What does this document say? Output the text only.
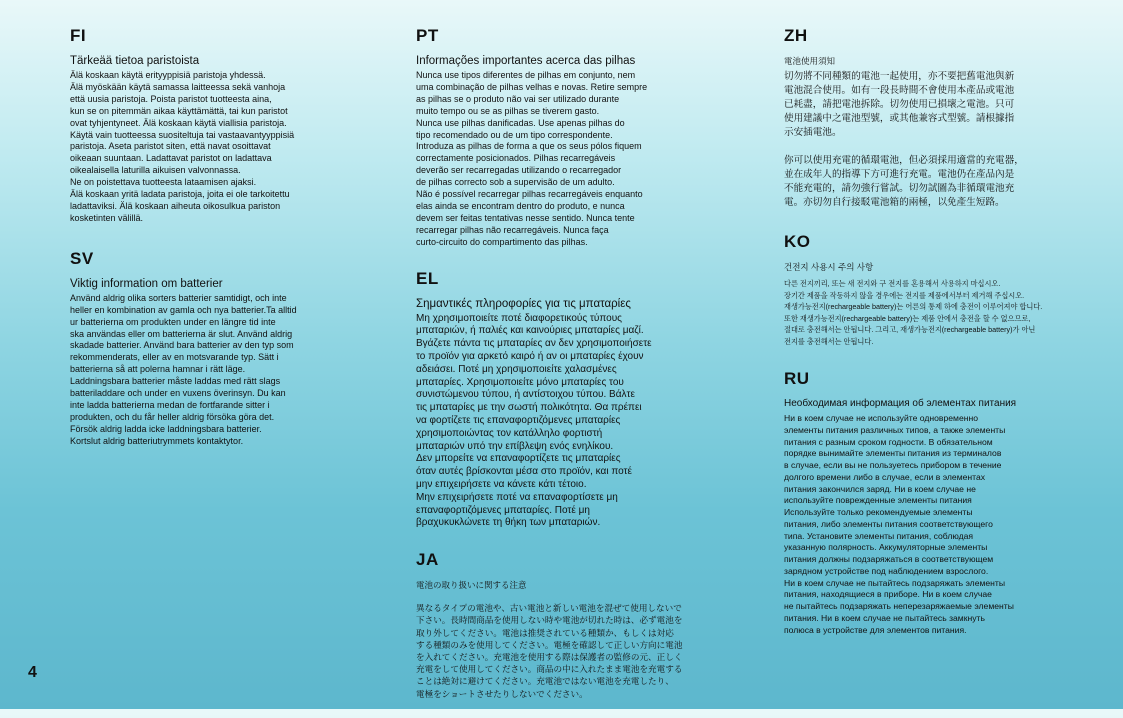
FI
Tärkeää tietoa paristoista

Älä koskaan käytä erityyppisiä paristoja yhdessä.
Älä myöskään käytä samassa laitteessa sekä vanhoja
että uusia paristoja. Poista paristot tuotteesta aina,
kun se on pitemmän aikaa käyttämättä, tai kun paristot
ovat tyhjentyneet. Älä koskaan käytä viallisia paristoja.
Käytä vain tuotteessa suositeltuja tai vastaavantyyppisiä
paristoja. Aseta paristot siten, että navat osoittavat
oikeaan suuntaan. Ladattavat paristot on ladattava
oikealaisella laturilla aikuisen valvonnassa.
Ne on poistettava tuotteesta lataamisen ajaksi.
Älä koskaan yritä ladata paristoja, joita ei ole tarkoitettu
ladattaviksi. Älä koskaan aiheuta oikosulkua pariston
kosketinten välillä.

SV
Viktig information om batterier

Använd aldrig olika sorters batterier samtidigt, och inte
heller en kombination av gamla och nya batterier.Ta alltid
ur batterierna om produkten under en längre tid inte
ska användas eller om batterierna är slut. Använd aldrig
skadade batterier. Använd bara batterier av den typ som
rekommenderats, eller av en motsvarande typ. Sätt i
batterierna så att polerna hamnar i rätt läge.
Laddningsbara batterier måste laddas med rätt slags
batteriladdare och under en vuxens överinsyn. Du kan
inte ladda batterierna medan de fortfarande sitter i
produkten, och du får heller aldrig försöka göra det.
Försök aldrig ladda icke laddningsbara batterier.
Kortslut aldrig batteriutrymmets kontaktytor.

PT
Informações importantes acerca das pilhas

Nunca use tipos diferentes de pilhas em conjunto, nem
uma combinação de pilhas velhas e novas. Retire sempre
as pilhas se o produto não vai ser utilizado durante
muito tempo ou se as pilhas se tiverem gasto.
Nunca use pilhas danificadas. Use apenas pilhas do
tipo recomendado ou de um tipo correspondente.
Introduza as pilhas de forma a que os seus pólos fiquem
correctamente posicionados. Pilhas recarregáveis
deverão ser recarregadas utilizando o recarregador
de pilhas correcto sob a supervisão de um adulto.
Não é possível recarregar pilhas recarregáveis enquanto
elas ainda se encontram dentro do produto, e nunca
devem ser feitas tentativas nesse sentido. Nunca tente
recarregar pilhas não recarregáveis. Nunca faça
curto-circuito do compartimento das pilhas.

EL
Σημαντικές πληροφορίες για τις μπαταρίες

Μη χρησιμοποιείτε ποτέ διαφορετικούς τύπους
μπαταριών, ή παλιές και καινούριες μπαταρίες μαζί.
Βγάζετε πάντα τις μπαταρίες αν δεν χρησιμοποιήσετε
το προϊόν για αρκετό καιρό ή αν οι μπαταρίες έχουν
αδειάσει. Ποτέ μη χρησιμοποιείτε χαλασμένες
μπαταρίες. Χρησιμοποιείτε μόνο μπαταρίες του
συνιστώμενου τύπου, ή αντίστοιχου τύπου. Βάλτε
τις μπαταρίες με την σωστή πολικότητα. Θα πρέπει
να φορτίζετε τις επαναφορτιζόμενες μπαταρίες
χρησιμοποιώντας τον κατάλληλο φορτιστή
μπαταριών υπό την επίβλεψη ενός ενηλίκου.
Δεν μπορείτε να επαναφορτίζετε τις μπαταρίες
όταν αυτές βρίσκονται μέσα στο προϊόν, και ποτέ
μην επιχειρήσετε να κάνετε κάτι τέτοιο.
Μην επιχειρήσετε ποτέ να επαναφορτίσετε μη
επαναφορτιζόμενες μπαταρίες. Ποτέ μη
βραχυκυκλώνετε τη θήκη των μπαταριών.

JA
電池の取り扱いに関する注意

異なるタイプの電池や、古い電池と新しい電池を混ぜて使用しないで
下さい。長時間商品を使用しない時や電池が切れた時は、必ず電池を
取り外してください。電池は推奨されている種類か、もしくは対応
する種類のみを使用してください。電極を確認して正しい方向に電池
を入れてください。充電池を使用する際は保護者の監修の元、正しく
充電をして使用してください。商品の中に入れたまま電池を充電する
ことは絶対に避けてください。充電池ではない電池を充電したり、
電極をショートさせたりしないでください。

ZH
電池使用須知

切勿將不同種類的電池一起使用，亦不要把舊電池與新
電池混合使用。如有一段長時間不會使用本產品或電池
已耗盡，請把電池拆除。切勿使用已損壞之電池。只可
使用建議中之電池型號，或其他兼容式型號。請根據指
示安插電池。

你可以使用充電的循環電池，但必須採用適當的充電器，
並在成年人的指導下方可進行充電。電池仍在產品內是
不能充電的，請勿強行嘗試。切勿試圖為非循環電池充
電。亦切勿自行接駁電池箱的兩極，以免產生短路。

KO
건전지 사용시 주의 사항

다른 전지끼리, 또는 새 전지와 구 전지를 혼용해서 사용하지 마십시오.
장기간 제품을 작동하지 않을 경우에는 전지를 제품에서부터 제거해 주십시오.
재생가능전지(rechargeable battery)는 어른의 통제 하에 충전이 이루어져야 합니다.
또한 재생가능전지(rechargeable battery)는 제품 안에서 충전을 할 수 없으므로,
절대로 충전해서는 안됩니다. 그리고, 재생가능전지(rechargeable battery)가 아닌
전지를 충전해서는 안됩니다.

RU
Необходимая информация об элементах питания

Ни в коем случае не используйте одновременно
элементы питания различных типов, а также элементы
питания с разным сроком годности. В обязательном
порядке вынимайте элементы питания из терминалов
в случае, если вы не пользуетесь прибором в течение
долгого времени либо в случае, если в элементах
питания закончился заряд. Ни в коем случае не
используйте поврежденные элементы питания
Используйте только рекомендуемые элементы
питания, либо элементы питания соответствующего
типа. Установите элементы питания, соблюдая
указанную полярность. Аккумуляторные элементы
питания должны подзаряжаться в соответствующем
зарядном устройстве под наблюдением взрослого.
Ни в коем случае не пытайтесь подзаряжать элементы
питания, находящиеся в приборе. Ни в коем случае
не пытайтесь подзаряжать неперезаряжаемые элементы
питания. Ни в коем случае не пытайтесь замкнуть
полюса в устройстве для элементов питания.

4
